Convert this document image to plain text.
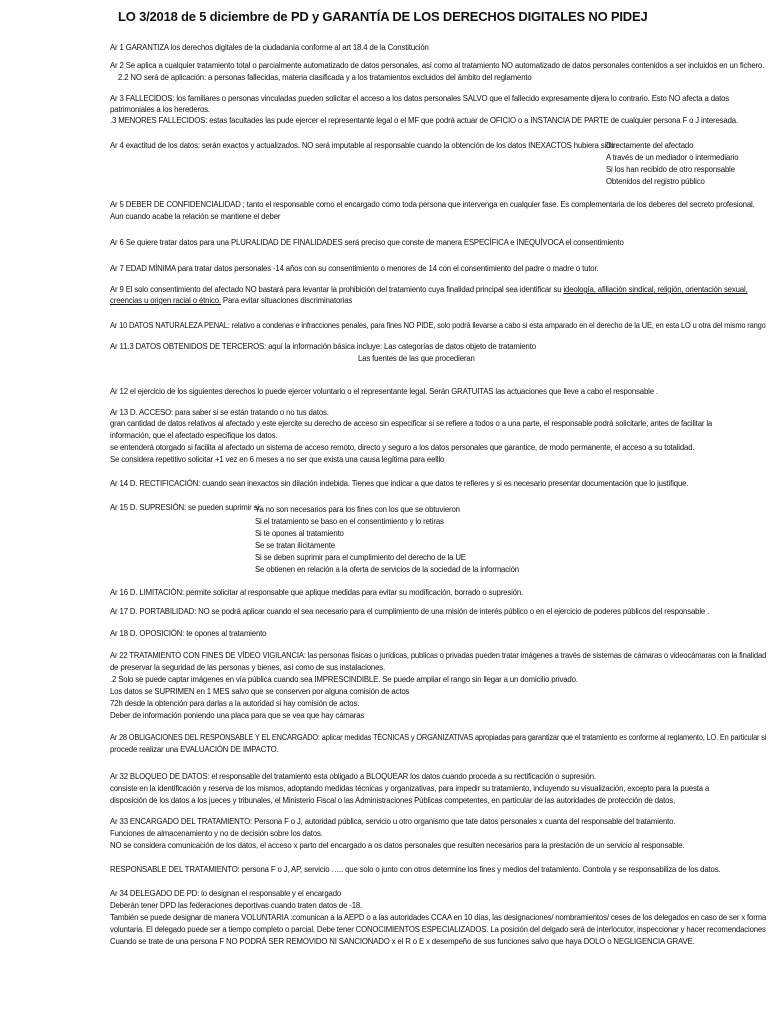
LO 3/2018 de 5 diciembre de PD y GARANTÍA DE LOS DERECHOS DIGITALES NO PIDEJ
Ar 1 GARANTIZA los derechos digitales de la ciudadanía conforme al art 18.4 de la Constitución
Ar 2 Se aplica a cualquier tratamiento total o parcialmente automatizado de datos personales, así como al tratamiento NO automatizado de datos personales contenidos a ser incluidos en un fichero.
2.2 NO será de aplicación: a personas fallecidas, materia clasificada y a los tratamientos excluidos del ámbito del reglamento
Ar 3 FALLECIDOS: los familiares o personas vinculadas pueden solicitar el acceso a los datos personales SALVO que el fallecido expresamente dijera lo contrario. Esto NO afecta a datos
patrimoniales a los herederos.
.3 MENORES FALLECIDOS: estas facultades las pude ejercer el representante legal o el MF que podrá actuar de OFICIO o a INSTANCIA DE PARTE de cualquier persona F o J interesada.
Ar 4 exactitud de los datos: serán exactos y actualizados. NO será imputable al responsable cuando la obtención de los datos INEXACTOS hubiera sido :
Directamente del afectado
A través de un mediador o intermediario
Si los han recibido de otro responsable
Obtenidos del registro público
Ar 5 DEBER DE CONFIDENCIALIDAD ; tanto el responsable como el encargado como toda persona que intervenga en cualquier fase. Es complementaria de los deberes del secreto profesional.
Aun cuando acabe la relación se mantiene el deber
Ar 6 Se quiere tratar datos para una PLURALIDAD DE FINALIDADES será preciso que conste de manera ESPECÍFICA e INEQUÍVOCA el consentimiento
Ar 7 EDAD MÍNIMA para tratar datos personales -14 años con su consentimiento o menores de 14 con el consentimiento del padre o madre o tutor.
Ar 9 El solo consentimiento del afectado NO bastará para levantar la prohibición del tratamiento cuya finalidad principal sea identificar su ideología, afiliación sindical, religión, orientación sexual,
creencias u origen racial o étnico. Para evitar situaciones discriminatorias
Ar 10 DATOS NATURALEZA PENAL: relativo a condenas e infracciones penales, para fines NO PIDE, solo podrá llevarse a cabo si esta amparado en el derecho de la UE, en esta LO u otra del mismo rango
Ar 11.3 DATOS OBTENIDOS DE TERCEROS: aquí la información básica incluye: Las categorías de datos objeto de tratamiento
Las fuentes de las que procedieran
Ar 12 el ejercicio de los siguientes derechos lo puede ejercer voluntario o el representante legal. Serán GRATUITAS las actuaciones que lleve a cabo el responsable .
Ar 13 D. ACCESO: para saber si se están tratando o no tus datos.
gran cantidad de datos relativos al afectado y este ejercite su derecho de acceso sin especificar si se refiere a todos o a una parte, el responsable podrá solicitarle, antes de facilitar la
información, que el afectado especifique los datos.
se entenderá otorgado si facilita al afectado un sistema de acceso remoto, directo y seguro a los datos personales que garantice, de modo permanente, el acceso a su totalidad.
Se considera repetitivo solicitar +1 vez en 6 meses a no ser que exista una causa legítima para eelllo
Ar 14 D. RECTIFICACIÓN: cuando sean inexactos sin dilación indebida. Tienes que indicar a que datos te refieres y si es necesario presentar documentación que lo justifique.
Ar 15 D. SUPRESIÓN: se pueden suprimir si:
Ya no son necesarios para los fines con los que se obtuvieron
Si el tratamiento se baso en el consentimiento y lo retiras
Si te opones al tratamiento
Se se tratan ilícitamente
Si se deben suprimir para el cumplimiento del derecho de la UE
Se obtienen en relación a la oferta de servicios de la sociedad de la información
Ar 16 D. LIMITACIÓN: permite solicitar al responsable que aplique medidas para evitar su modificación, borrado o supresión.
Ar 17 D. PORTABILIDAD: NO se podrá aplicar cuando el sea necesario para el cumplimiento de una misión de interés público o en el ejercicio de poderes públicos del responsable .
Ar 18 D. OPOSICIÓN: te opones al tratamiento
Ar 22 TRATAMIENTO CON FINES DE VÍDEO VIGILANCIA: las personas físicas o jurídicas, publicas o privadas pueden tratar imágenes a través de sistemas de cámaras o videocámaras con la finalidad
de preservar la seguridad de las personas y bienes, así como de sus instalaciones.
.2 Solo se puede captar imágenes en vía pública cuando sea IMPRESCINDIBLE. Se puede ampliar el rango sin llegar a un domicilio privado.
Los datos se SUPRIMEN en 1 MES salvo que se conserven por alguna comisión de actos
72h desde la obtención para darlas a la autoridad si hay comisión de actos.
Deber de información poniendo una placa para que se vea que hay cámaras
Ar 28 OBLIGACIONES DEL RESPONSABLE Y EL ENCARGADO: aplicar medidas TÉCNICAS y ORGANIZATIVAS apropiadas para garantizar que el tratamiento es conforme al reglamento, LO. En particular si
procede realizar una EVALUACIÓN DE IMPACTO.
Ar 32 BLOQUEO DE DATOS: el responsable del tratamiento esta obligado a BLOQUEAR los datos cuando proceda a su rectificación o supresión.
consiste en la identificación y reserva de los mismos, adoptando medidas técnicas y organizativas, para impedir su tratamiento, incluyendo su visualización, excepto para la puesta a
disposición de los datos a los jueces y tribunales, el Ministerio Fiscal o las Administraciones Públicas competentes, en particular de las autoridades de protección de datos,
Ar 33 ENCARGADO DEL TRATAMIENTO: Persona F o J, autoridad pública, servicio u otro organismo que tate datos personales x cuanta del responsable del tratamiento.
Funciones de almacenamiento y no de decisión sobre los datos.
NO se considera comunicación de los datos, el acceso x parto del encargado a os datos personales que resulten necesarios para la prestación de un servicio al responsable.
RESPONSABLE DEL TRATAMIENTO: persona F o J, AP, servicio ….. que solo o junto con otros determine los fines y medios del tratamiento. Controla y se responsabiliza de los datos.
Ar 34 DELEGADO DE PD: lo designan el responsable y el encargado
Deberán tener DPD las federaciones deportivas cuando traten datos de -18.
También se puede designar de manera VOLUNTARIA :comunican a la AEPD o a las autoridades CCAA en 10 días, las designaciones/ nombramientos/ ceses de los delegados en caso de ser x forma
voluntaria. El delegado puede ser a tiempo completo o parcial. Debe tener CONOCIMIENTOS ESPECIALIZADOS. La posición del delgado será de interlocutor, inspeccionar y hacer recomendaciones
Cuando se trate de una persona F NO PODRÁ SER REMOVIDO NI SANCIONADO x el R o E x desempeño de sus funciones salvo que haya DOLO o NEGLIGENCIA GRAVE.
